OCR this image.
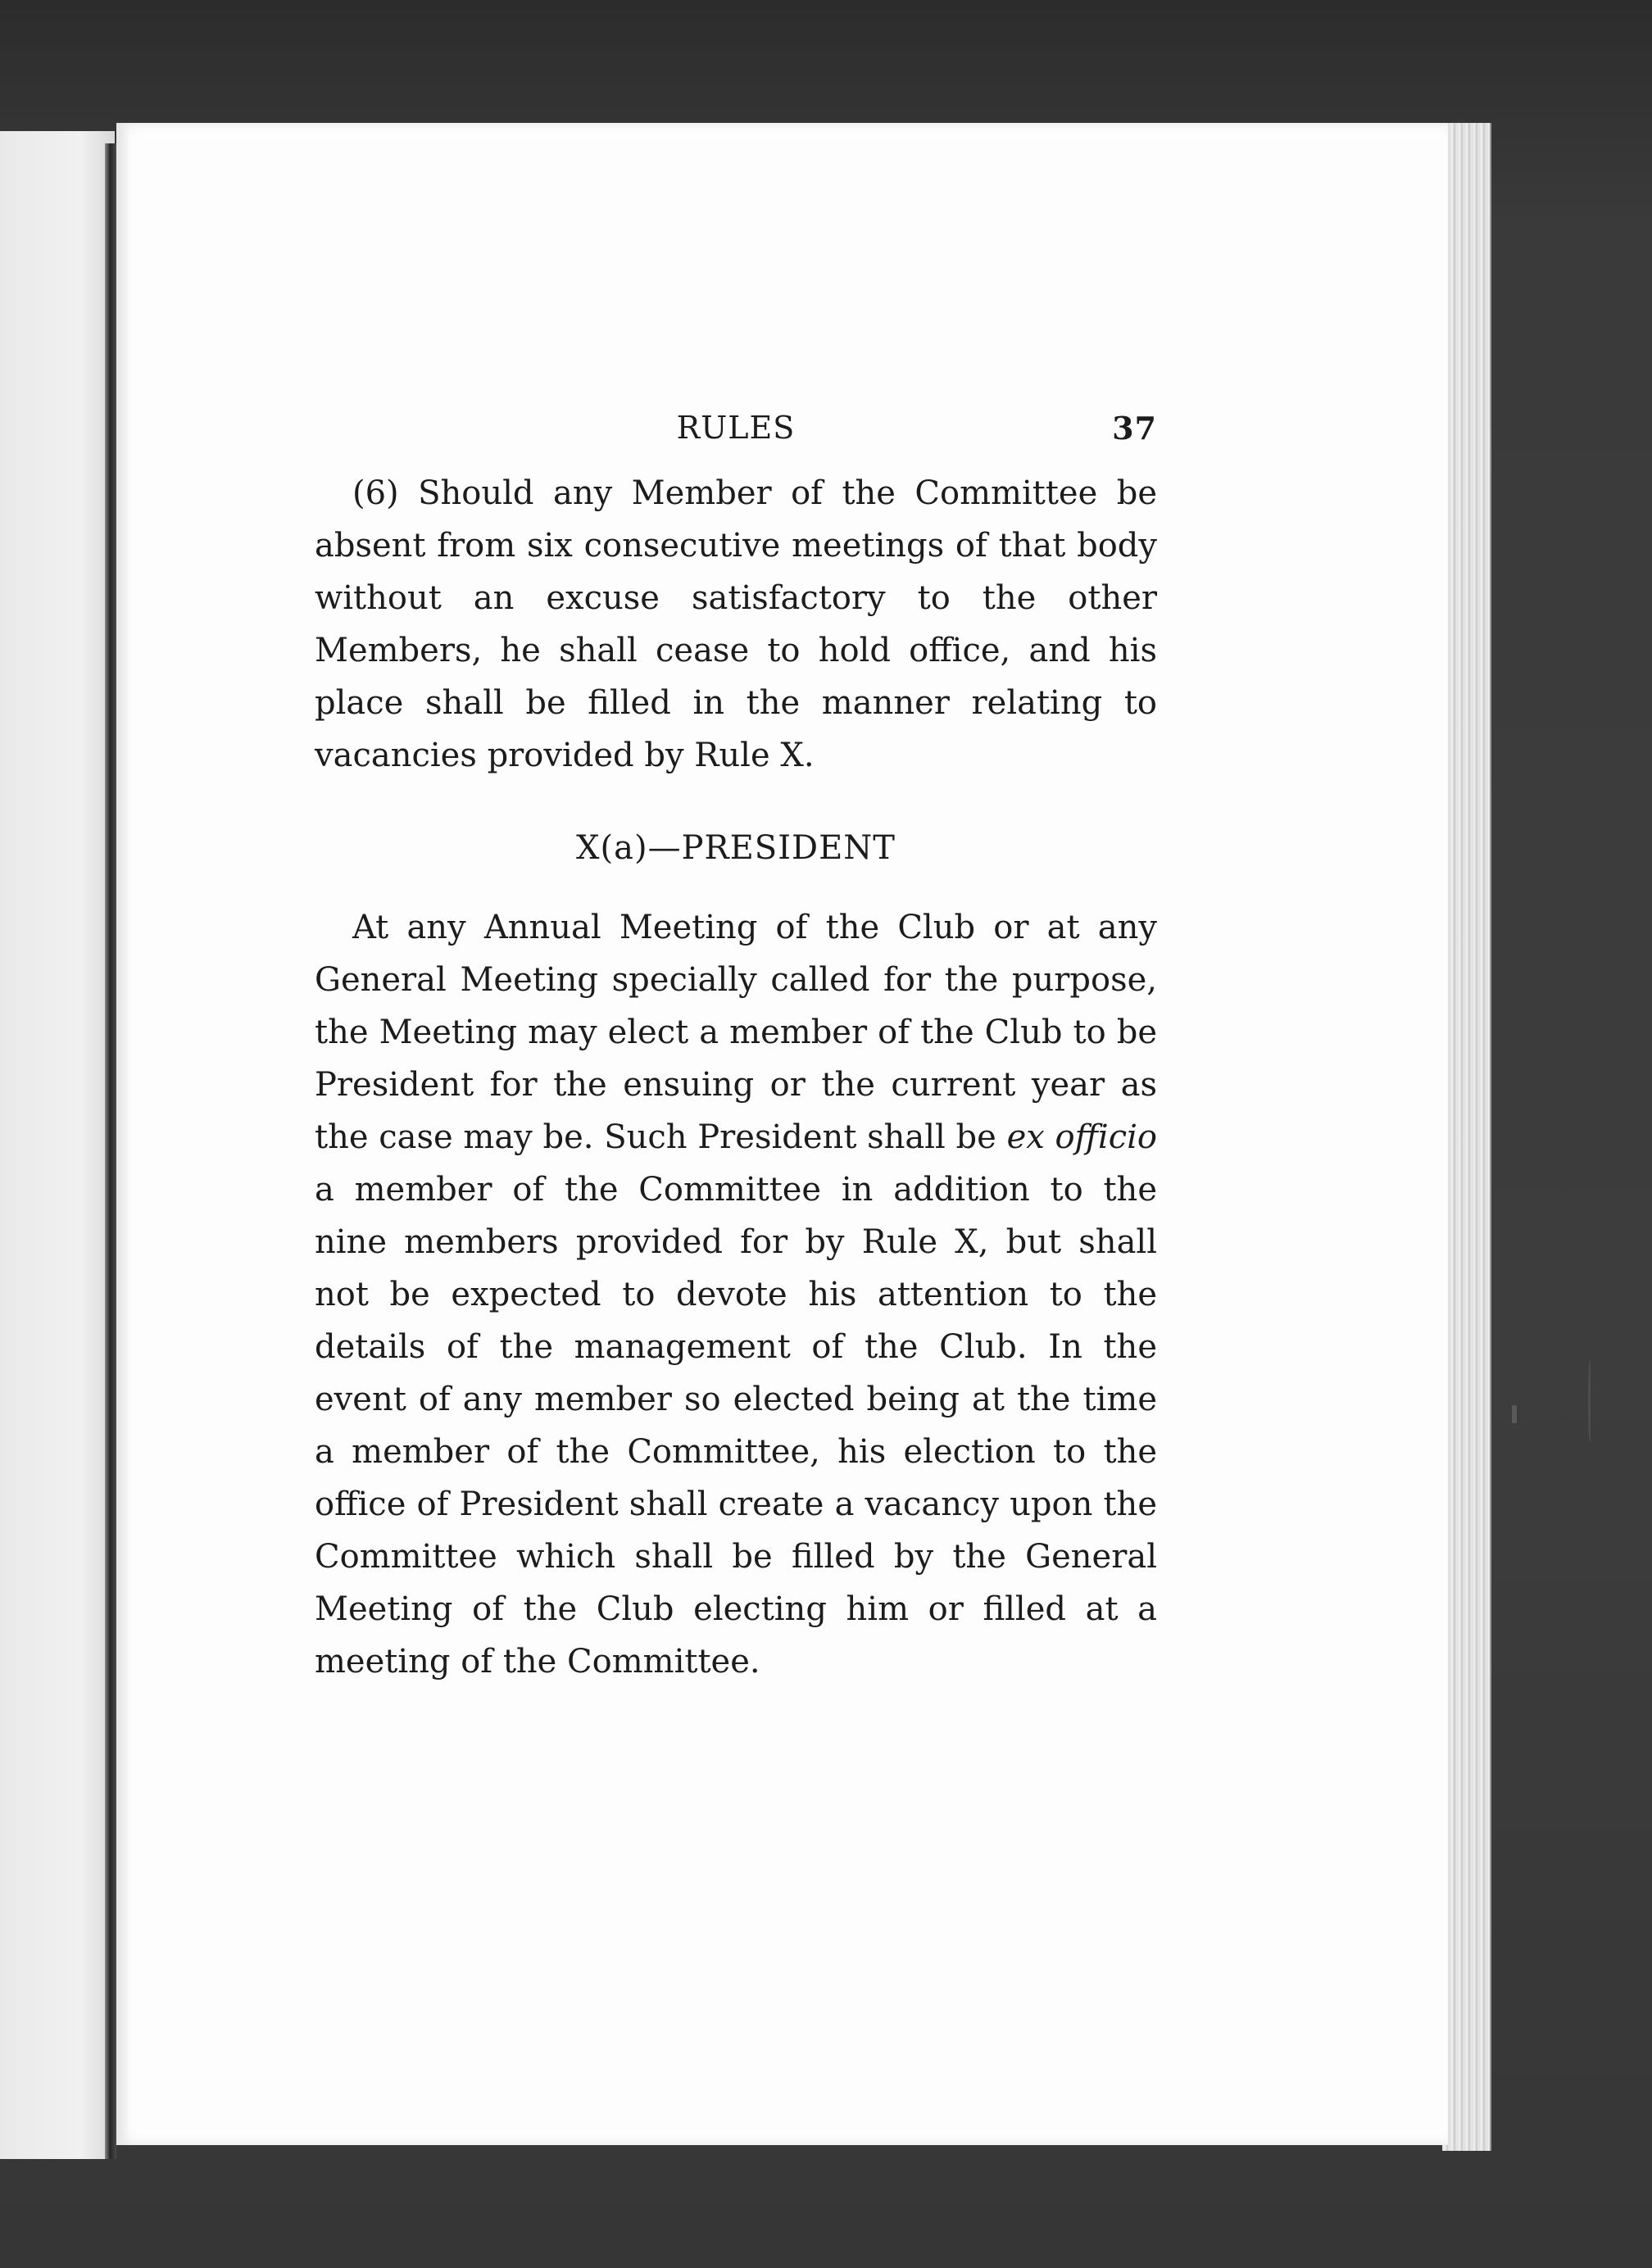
RULES	37

(6) Should any Member of the Committee be absent from six consecutive meetings of that body without an excuse satisfactory to the other Members, he shall cease to hold office, and his place shall be filled in the manner relating to vacancies provided by Rule X.

X(a)—PRESIDENT

At any Annual Meeting of the Club or at any General Meeting specially called for the purpose, the Meeting may elect a member of the Club to be President for the ensuing or the current year as the case may be. Such President shall be ex officio a member of the Committee in addition to the nine members provided for by Rule X, but shall not be expected to devote his attention to the details of the management of the Club. In the event of any member so elected being at the time a member of the Committee, his election to the office of President shall create a vacancy upon the Committee which shall be filled by the General Meeting of the Club electing him or filled at a meeting of the Committee.
